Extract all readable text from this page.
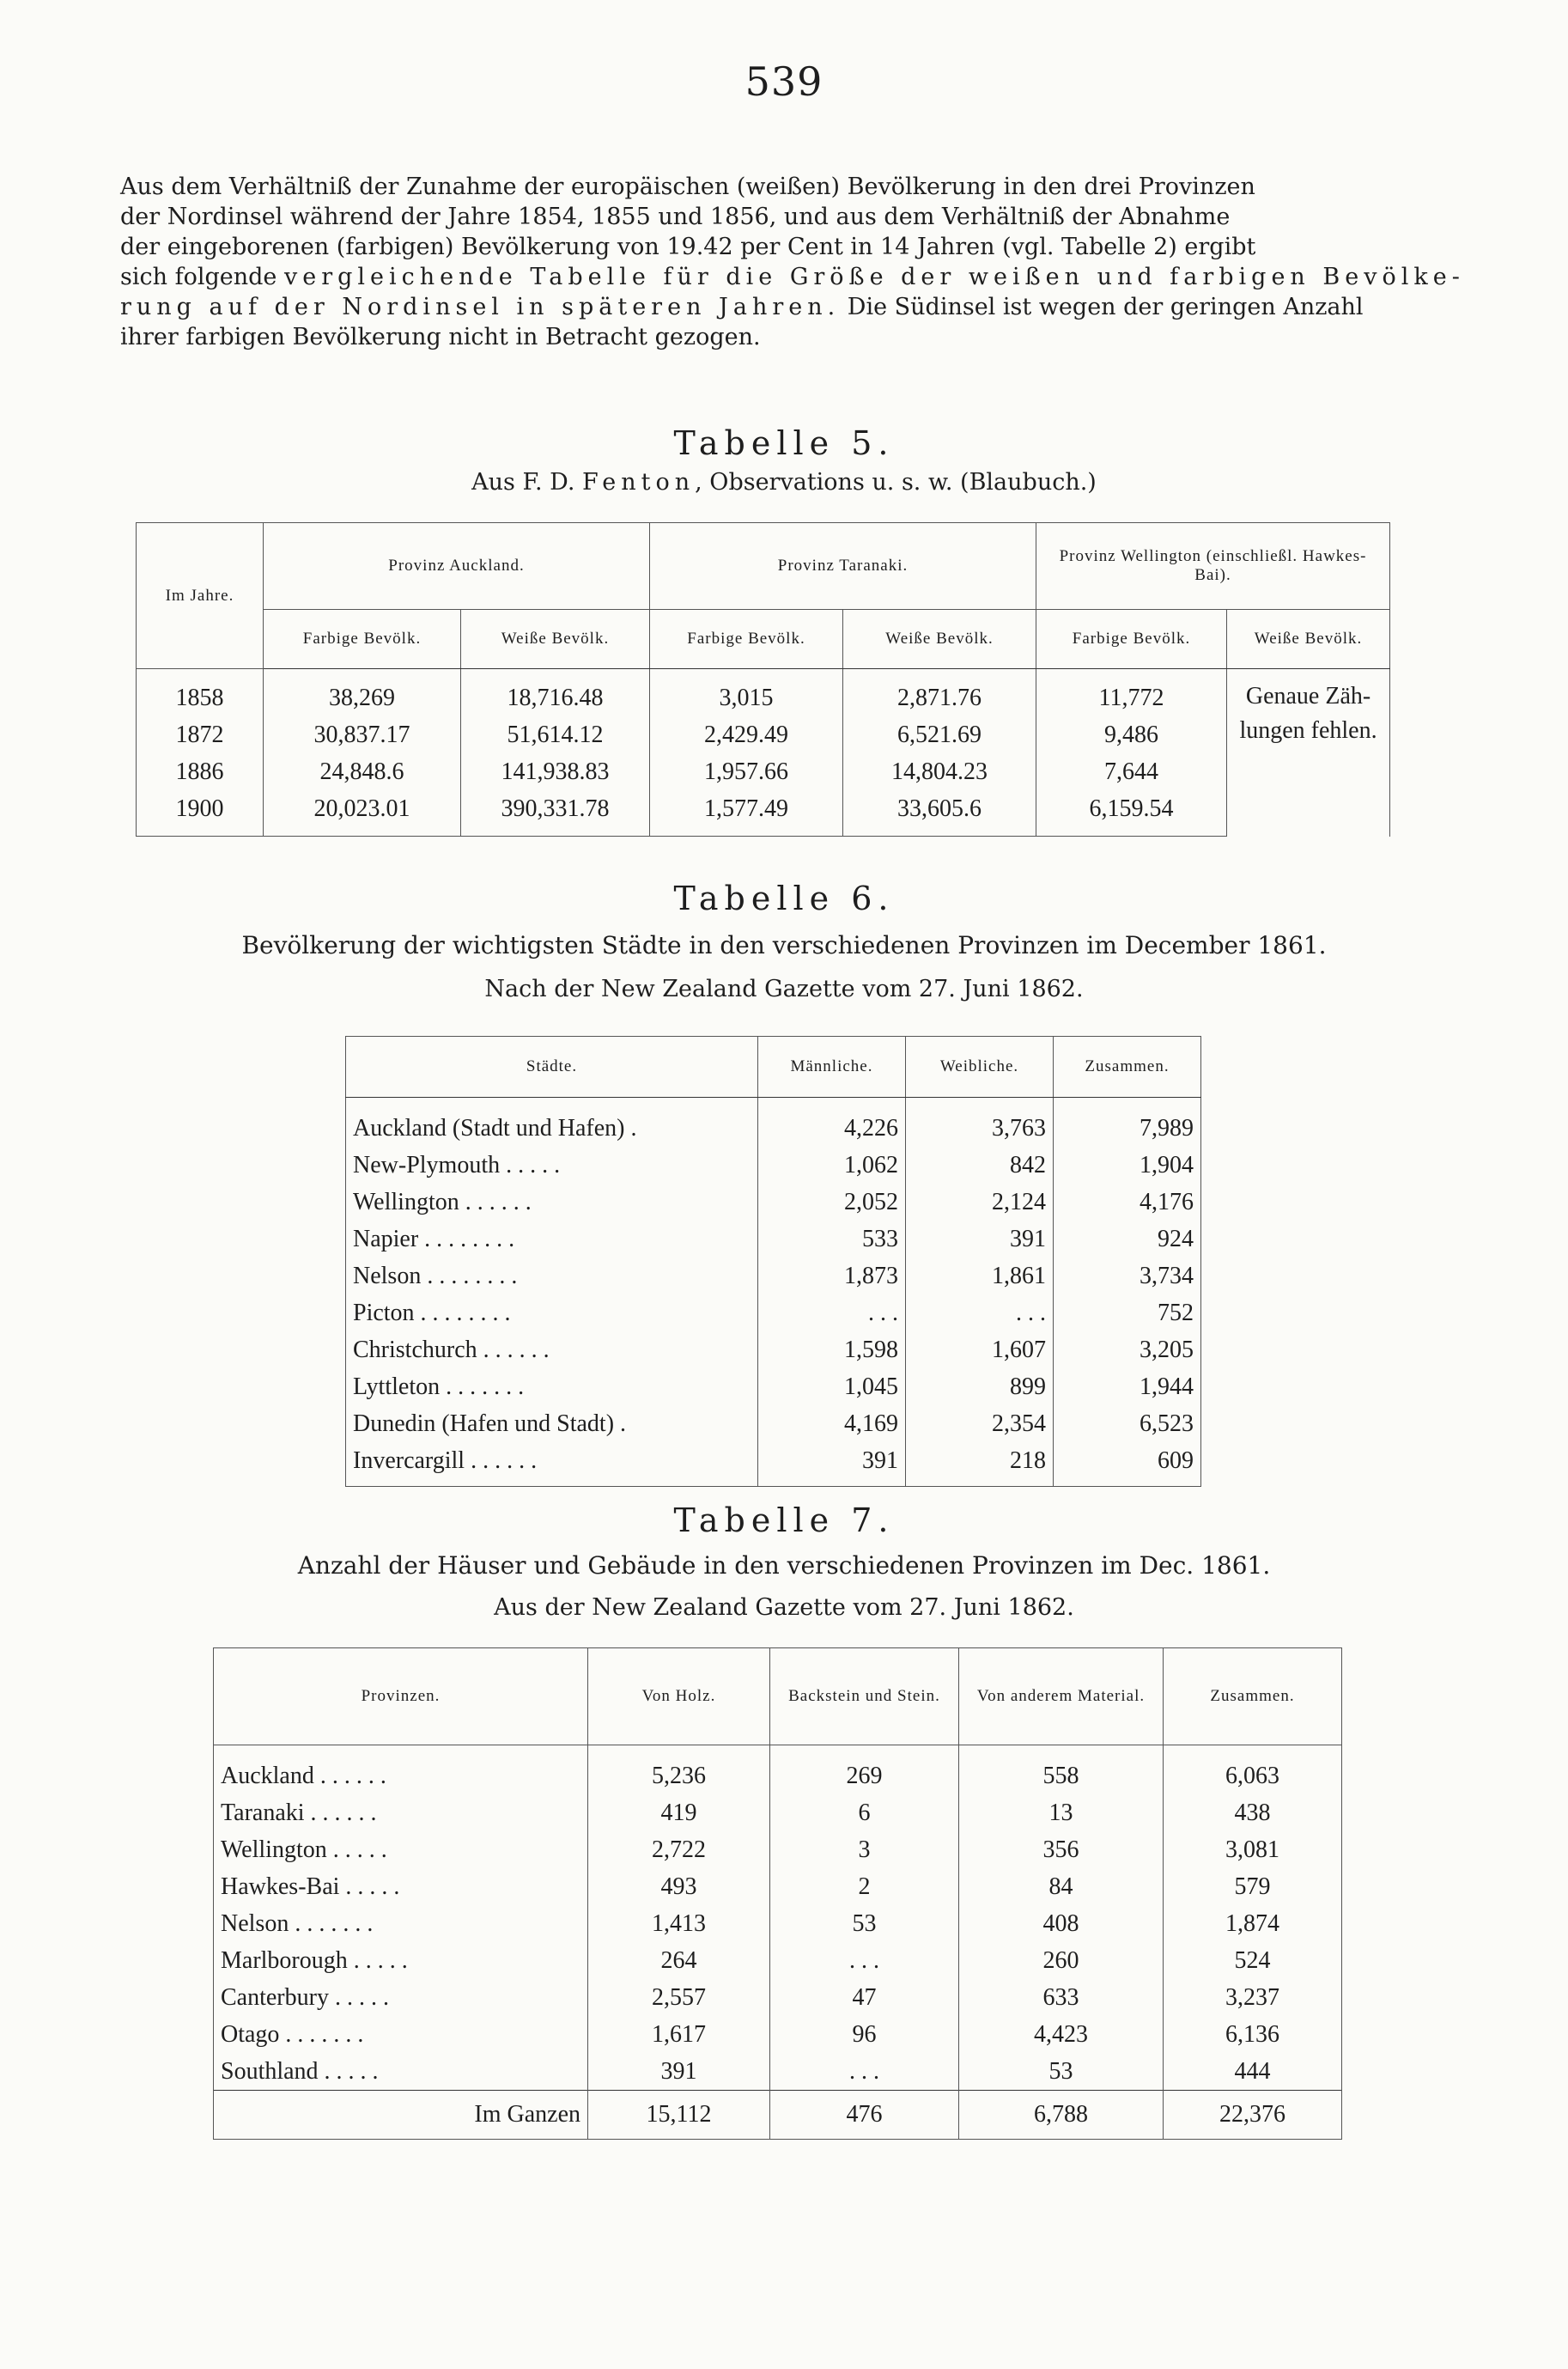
539
Aus dem Verhältniß der Zunahme der europäischen (weißen) Bevölkerung in den drei Provinzen
der Nordinsel während der Jahre 1854, 1855 und 1856, und aus dem Verhältniß der Abnahme
der eingeborenen (farbigen) Bevölkerung von 19.42 per Cent in 14 Jahren (vgl. Tabelle 2) ergibt
sich folgende vergleichende Tabelle für die Größe der weißen und farbigen Bevölke-
rung auf der Nordinsel in späteren Jahren. Die Südinsel ist wegen der geringen Anzahl
ihrer farbigen Bevölkerung nicht in Betracht gezogen.
Tabelle 5.
Aus F. D. Fenton, Observations u. s. w. (Blaubuch.)
Im Jahre.	Provinz Auckland.		Provinz Taranaki.		Provinz Wellington (einschließl. Hawkes-Bai).	
	Farbige Bevölk.	Weiße Bevölk.	Farbige Bevölk.	Weiße Bevölk.	Farbige Bevölk.	Weiße Bevölk.
1858	38,269	18,716.48	3,015	2,871.76	11,772	Genaue Zäh-lungen fehlen.
1872	30,837.17	51,614.12	2,429.49	6,521.69	9,486	
1886	24,848.6	141,938.83	1,957.66	14,804.23	7,644	
1900	20,023.01	390,331.78	1,577.49	33,605.6	6,159.54	
Tabelle 6.
Bevölkerung der wichtigsten Städte in den verschiedenen Provinzen im December 1861.
Nach der New Zealand Gazette vom 27. Juni 1862.
Städte.	Männliche.	Weibliche.	Zusammen.
Auckland (Stadt und Hafen) .	4,226	3,763	7,989
New-Plymouth . . . . .	1,062	842	1,904
Wellington . . . . . .	2,052	2,124	4,176
Napier . . . . . . . .	533	391	924
Nelson . . . . . . . .	1,873	1,861	3,734
Picton . . . . . . . .	. . .	. . .	752
Christchurch . . . . . .	1,598	1,607	3,205
Lyttleton . . . . . . .	1,045	899	1,944
Dunedin (Hafen und Stadt) .	4,169	2,354	6,523
Invercargill . . . . . .	391	218	609
Tabelle 7.
Anzahl der Häuser und Gebäude in den verschiedenen Provinzen im Dec. 1861.
Aus der New Zealand Gazette vom 27. Juni 1862.
Provinzen.	Von Holz.	Backstein und Stein.	Von anderem Material.	Zusammen.
Auckland . . . . . .	5,236	269	558	6,063
Taranaki . . . . . .	419	6	13	438
Wellington . . . . .	2,722	3	356	3,081
Hawkes-Bai . . . . .	493	2	84	579
Nelson . . . . . . .	1,413	53	408	1,874
Marlborough . . . . .	264	. . .	260	524
Canterbury . . . . .	2,557	47	633	3,237
Otago . . . . . . .	1,617	96	4,423	6,136
Southland . . . . .	391	. . .	53	444
Im Ganzen	15,112	476	6,788	22,376
